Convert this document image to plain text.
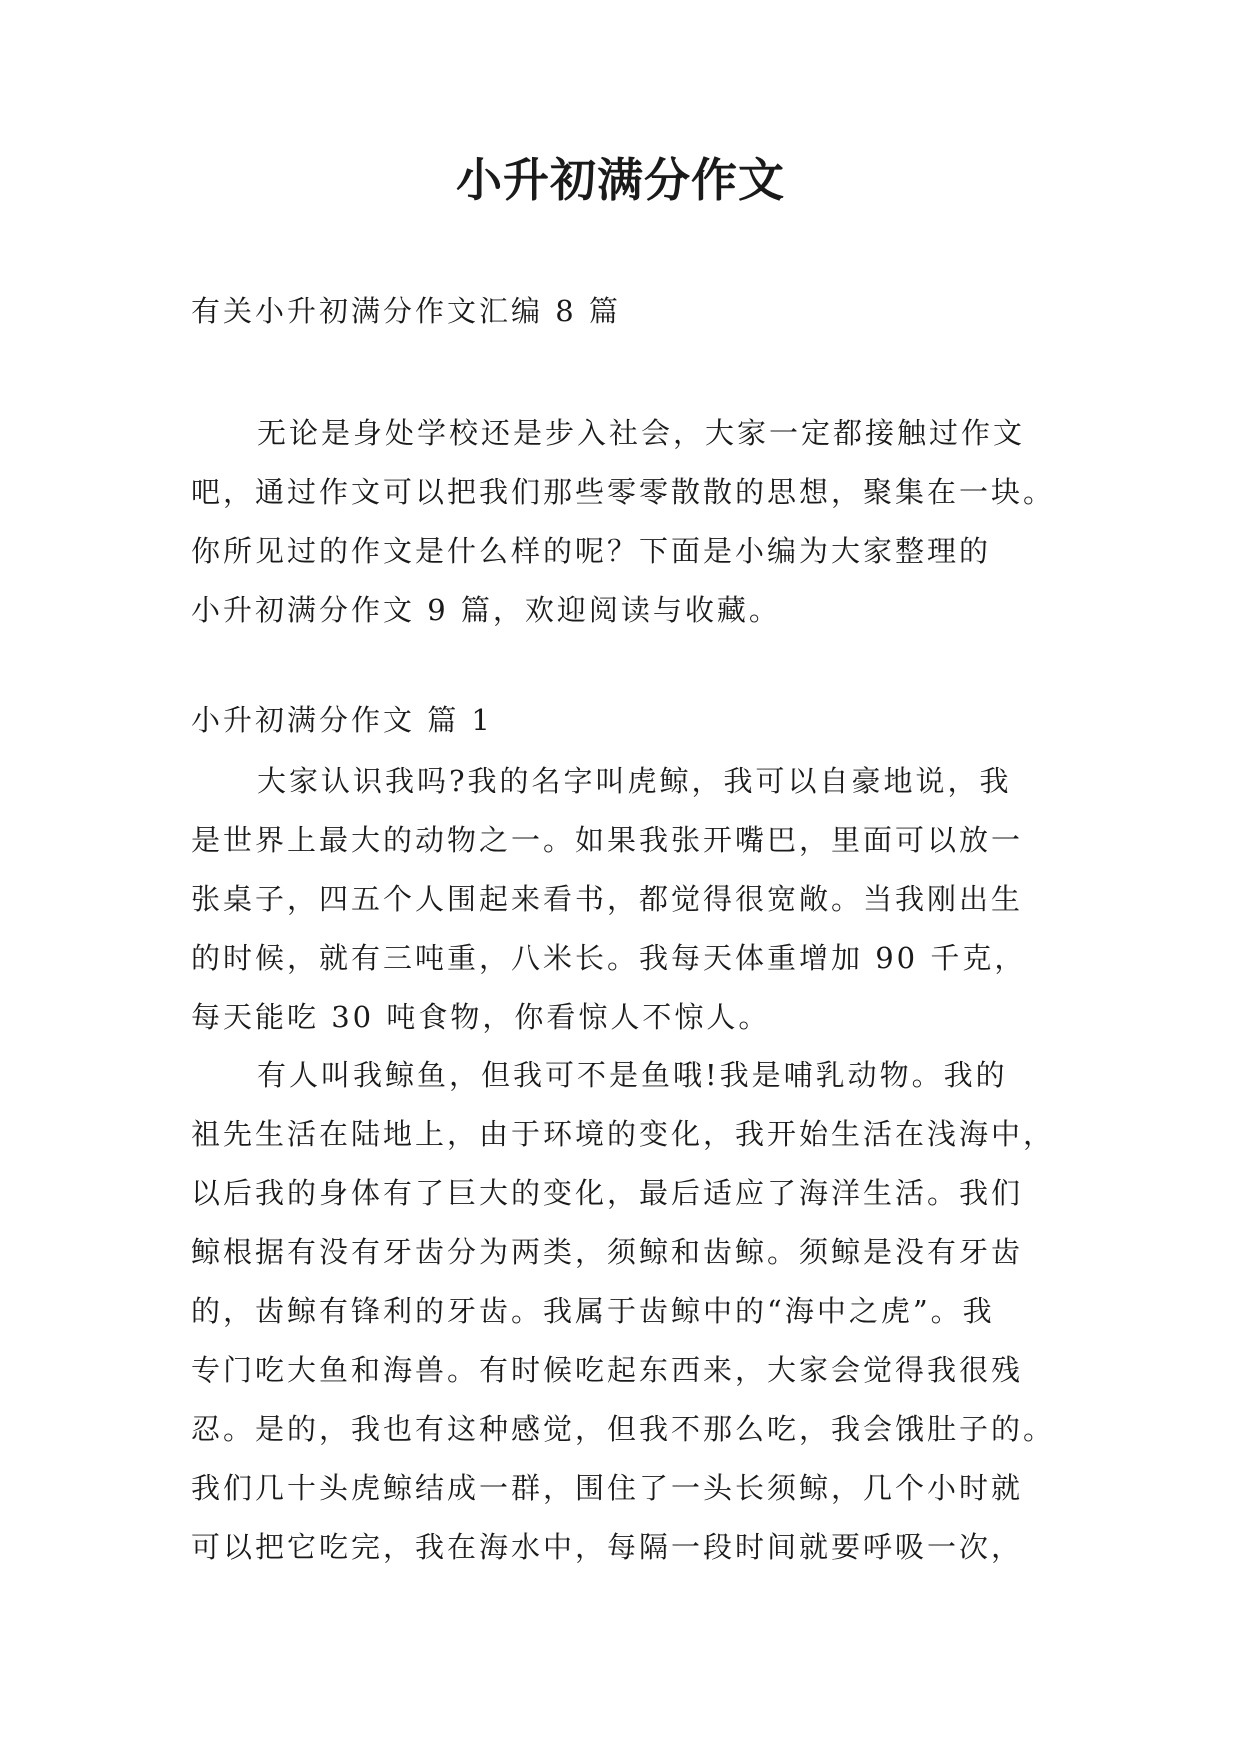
小升初满分作文
有关小升初满分作文汇编 8 篇
无论是身处学校还是步入社会，大家一定都接触过作文
吧，通过作文可以把我们那些零零散散的思想，聚集在一块。
你所见过的作文是什么样的呢？下面是小编为大家整理的
小升初满分作文 9 篇，欢迎阅读与收藏。
小升初满分作文 篇 1
大家认识我吗?我的名字叫虎鲸，我可以自豪地说，我
是世界上最大的动物之一。如果我张开嘴巴，里面可以放一
张桌子，四五个人围起来看书，都觉得很宽敞。当我刚出生
的时候，就有三吨重，八米长。我每天体重增加 90 千克，
每天能吃 30 吨食物，你看惊人不惊人。
有人叫我鲸鱼，但我可不是鱼哦!我是哺乳动物。我的
祖先生活在陆地上，由于环境的变化，我开始生活在浅海中，
以后我的身体有了巨大的变化，最后适应了海洋生活。我们
鲸根据有没有牙齿分为两类，须鲸和齿鲸。须鲸是没有牙齿
的，齿鲸有锋利的牙齿。我属于齿鲸中的“海中之虎”。我
专门吃大鱼和海兽。有时候吃起东西来，大家会觉得我很残
忍。是的，我也有这种感觉，但我不那么吃，我会饿肚子的。
我们几十头虎鲸结成一群，围住了一头长须鲸，几个小时就
可以把它吃完，我在海水中，每隔一段时间就要呼吸一次，
